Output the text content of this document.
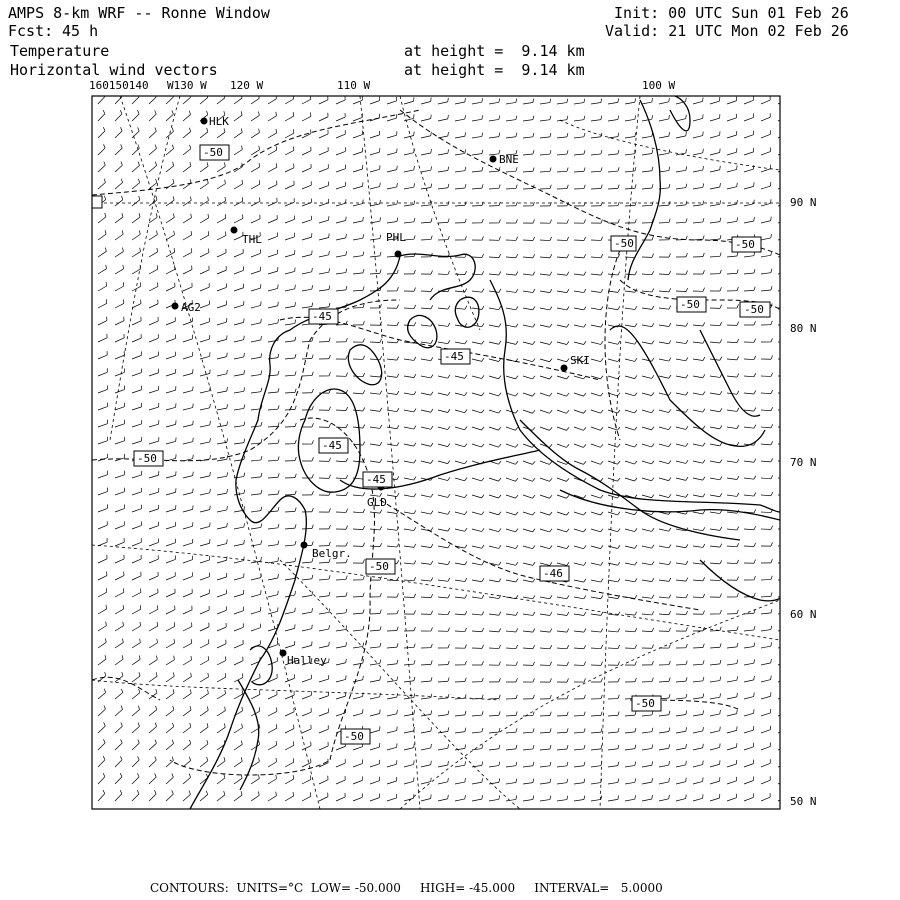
AMPS 8-km WRF -- Ronne Window
Fcst: 45 h
Init: 00 UTC Sun 01 Feb 26
Valid: 21 UTC Mon 02 Feb 26
Temperature
Horizontal wind vectors
at height =  9.14 km
at height =  9.14 km
160150140 W130 W 120 W	110 W	100 W
90 N
80 N
70 N
60 N
50 N
HLK
BNE
THL	PHL
AG2
SKI
GLD
Belgr.
Halley
-50
-50	-50
-50	-50
-45
-45
-45
-45
-50
-50
-50
-46
-50
CONTOURS:  UNITS=°C  LOW= -50.000     HIGH= -45.000     INTERVAL=   5.0000
